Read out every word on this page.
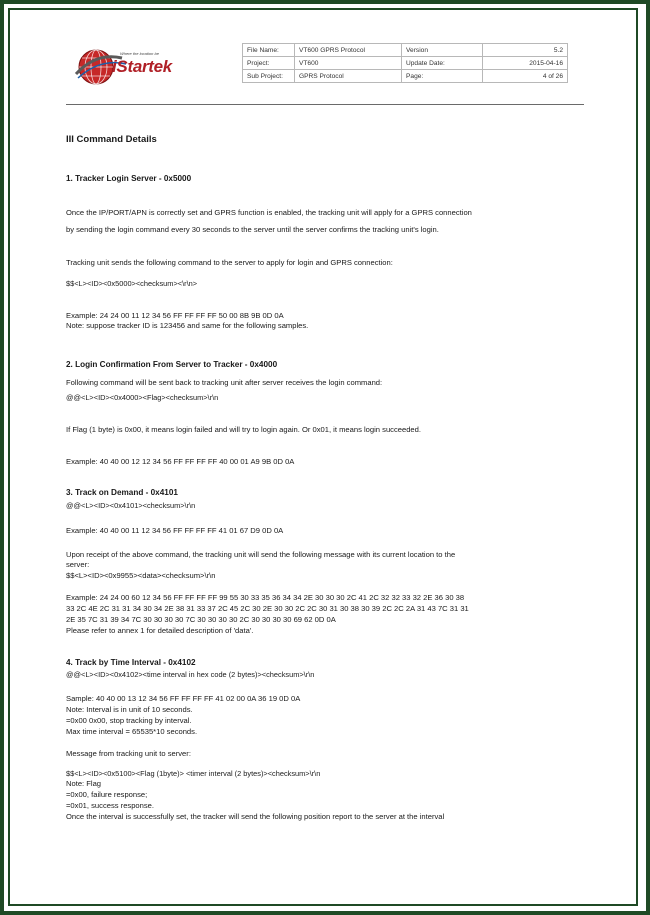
Where the location be
iStartek
File Name:	VT600 GPRS Protocol	Version	5.2
Project:	VT600	Update Date:	2015-04-16
Sub Project:	GPRS Protocol	Page:	4 of 26
III Command Details
1. Tracker Login Server - 0x5000
Once the IP/PORT/APN is correctly set and GPRS function is enabled, the tracking unit will apply for a GPRS connection
by sending the login command every 30 seconds to the server until the server confirms the tracking unit's login.
Tracking unit sends the following command to the server to apply for login and GPRS connection:
$$<L><ID><0x5000><checksum><\r\n>
Example: 24 24 00 11 12 34 56 FF FF FF FF 50 00 8B 9B 0D 0A
Note: suppose tracker ID is 123456 and same for the following samples.
2. Login Confirmation From Server to Tracker - 0x4000
Following command will be sent back to tracking unit after server receives the login command:
@@<L><ID><0x4000><Flag><checksum>\r\n
If Flag (1 byte) is 0x00, it means login failed and will try to login again. Or 0x01, it means login succeeded.
Example: 40 40 00 12 12 34 56 FF FF FF FF 40 00 01 A9 9B 0D 0A
3. Track on Demand - 0x4101
@@<L><ID><0x4101><checksum>\r\n
Example: 40 40 00 11 12 34 56 FF FF FF FF 41 01 67 D9 0D 0A
Upon receipt of the above command, the tracking unit will send the following message with its current location to the
server:
$$<L><ID><0x9955><data><checksum>\r\n
Example: 24 24 00 60 12 34 56 FF FF FF FF 99 55 30 33 35 36 34 34 2E 30 30 30 2C 41 2C 32 32 33 32 2E 36 30 38
33 2C 4E 2C 31 31 34 30 34 2E 38 31 33 37 2C 45 2C 30 2E 30 30 2C 2C 30 31 30 38 30 39 2C 2C 2A 31 43 7C 31 31
2E 35 7C 31 39 34 7C 30 30 30 30 7C 30 30 30 30 2C 30 30 30 30 69 62 0D 0A
Please refer to annex 1 for detailed description of 'data'.
4. Track by Time Interval - 0x4102
@@<L><ID><0x4102><time interval in hex code (2 bytes)><checksum>\r\n
Sample: 40 40 00 13 12 34 56 FF FF FF FF 41 02 00 0A 36 19 0D 0A
Note: Interval is in unit of 10 seconds.
=0x00 0x00, stop tracking by interval.
Max time interval = 65535*10 seconds.
Message from tracking unit to server:
$$<L><ID><0x5100><Flag (1byte)> <timer interval (2 bytes)><checksum>\r\n
Note: Flag
=0x00, failure response;
=0x01, success response.
Once the interval is successfully set, the tracker will send the following position report to the server at the interval
